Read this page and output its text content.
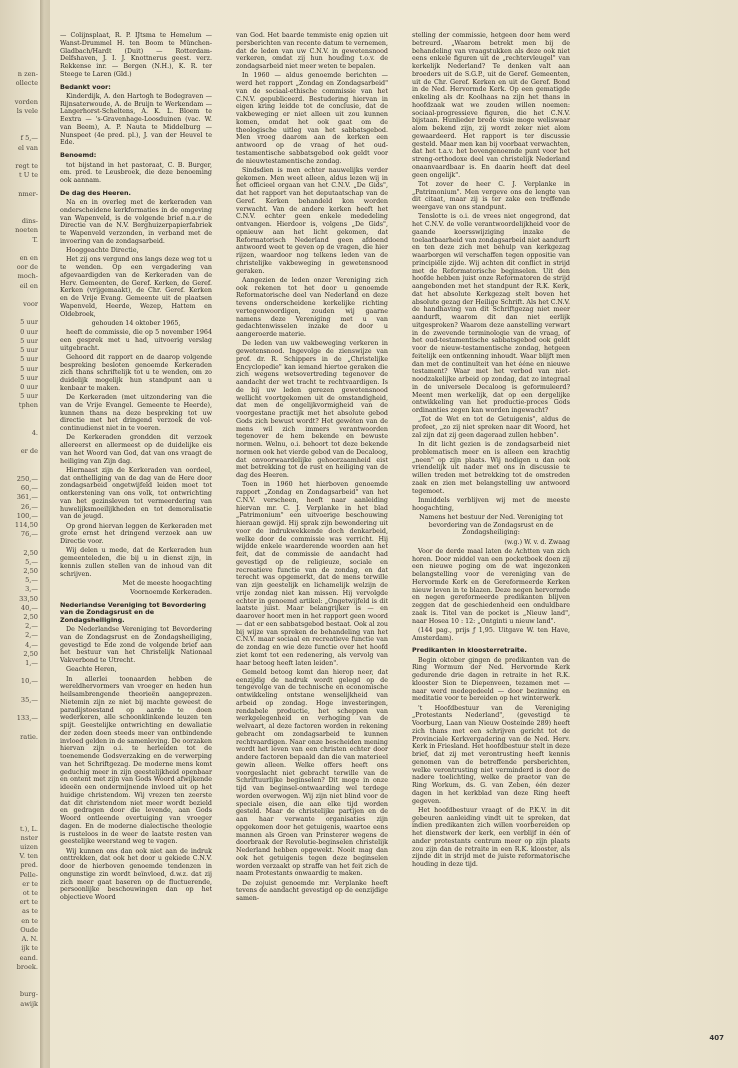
n zen-
ollecte

vorden
ls vele

f 5,—
el van

regt te
t U te

nmer-

dins-
noeten
T.

en en
oor de
moch-
eil en

voor

5 uur
0 uur
5 uur
5 uur
5 uur
5 uur
5 uur
0 uur
5 uur
tphen

4.

er de

250,—
60,—
361,—
26,—
100,—
114,50
76,—

2,50
5,—
2,50
5,—
3,—
33,50
40,—
2,50
2,—
2,—
4,—
2,50
1,—

10,—

35,—

133,—

ratie.

t.), L.
nster
uizen
V. ten
pred.
Pelle-
er te
ot te
ert te
as te
en te
Oude
A. N.
ijk te
eand.
broek.

burg-
awijk

— Colijnsplaat, R. P. IJtsma te Hemelum — Wanst-Drummel H. ten Boom te München-Gladbach/Hardt (Duit) — Rotterdam-Delfshaven, J. I. J. Knottnerus geest. verz. Rekkense inr. — Bergen (N.H.), K. R. ter Steege te Laren (Gld.)

Bedankt voor:

Kinderdijk, A. den Hartogh te Bodegraven — Rijnsaterwoude, A. de Bruijn te Werkendam — Langerhorst-Scheltens, A. K. L. Bloem te Eextra — 's-Gravenhage-Loosduinen (vac. W. van Beem), A. P. Nauta te Middelburg — Nunspeet (4e pred. pl.), J. van der Heuvel te Ede.

Benoemd:

tot bijstand in het pastoraat, C. B. Burger, em. pred. te Leusbroek, die deze benoeming ook aannam.

De dag des Heeren.

Na en in overleg met de kerkeraden van onderscheidene kerkformaties in de omgeving van Wapenveld, is de volgende brief n.a.r de Directie van de N.V. Berghuizerpapierfabriek te Wapenveld verzonden, in verband met de invoering van de zondagsarbeid.

Hooggeachte Directie,

Het zij ons vergund ons langs deze weg tot u te wenden. Op een vergadering van afgevaardigden van de Kerkeraden van de Herv. Gemeenten, de Geref. Kerken, de Geref. Kerken (vrijgemaakt), de Chr. Geref. Kerken en de Vrije Evang. Gemeente uit de plaatsen Wapenveld, Heerde, Wezep, Hattem en Oldebroek,

gehouden 14 oktober 1965,

heeft de commissie, die op 5 november 1964 een gesprek met u had, uitvoerig verslag uitgebracht.

Gehoord dit rapport en de daarop volgende bespreking besloten genoemde Kerkeraden zich thans schriftelijk tot u te wenden, om zo duidelijk mogelijk hun standpunt aan u kenbaar te maken.

De Kerkeraden (met uitzondering van die van de Vrije Evangel. Gemeente te Heerde), kunnen thans na deze bespreking tot uw directie met het dringend verzoek de vol-continudienst niet in te voeren.

De Kerkeraden grondden dit verzoek allereerst en allermeest op de duidelijke eis van het Woord van God, dat van ons vraagt de heiliging van Zijn dag.

Hiernaast zijn de Kerkeraden van oordeel, dat onthelliging van de dag van de Here door zondagsarbeid ongetwijfeld leiden moet tot ontkerstening van ons volk, tot ontwrichting van het gezinsleven tot vermeerdering van huwelijksmoeilijkheden en tot demoralisatie van de jeugd.

Op grond hiervan leggen de Kerkeraden met grote ernst het dringend verzoek aan uw Directie voor.

Wij delen u mede, dat de Kerkeraden hun gemeenteleden, die bij u in dienst zijn, in kennis zullen stellen van de inhoud van dit schrijven.

Met de meeste hoogachting

Voornoemde Kerkeraden.

Nederlandse Vereniging tot Bevordering van de Zondagsrust en de Zondagsheiliging.

De Nederlandse Vereniging tot Bevordering van de Zondagsrust en de Zondagsheiliging, gevestigd te Ede zond de volgende brief aan het bestuur van het Christelijk Nationaal Vakverbond te Utrecht.

Geachte Heren,

In allerlei toonaarden hebben de wereldhervormers van vroeger en heden hun heilsambrengende theorieën aangeprezen. Nietemin zijn ze niet bij machte geweest de paradijstoestand op aarde te doen wederkeren, alle schoonklinkende leuzen ten spijt. Geestelijke ontwrichting en dewaliatie der zeden doen steeds meer van ontbindende invloed gelden in de samenleving. De oorzaken hiervan zijn o.i. te herleiden tot de toenemende Godsverzaking en de verwerping van het Schriftgezag. De moderne mens komt geduchig meer in zijn geestelijkheid openbaar en ontent met zijn van Gods Woord afwijkende ideeën een ondermijnende invloed uit op het huidige christendom. Wij vrezen ten zeerste dat dit christendom niet meer wordt bezield en gedragen door die levende, aan Gods Woord ontleende overtuiging van vroeger dagen. En de moderne dialectische theologie is rusteloos in de weer de laatste resten van geestelijke weerstand weg te vagen.

Wij kunnen ons dan ook niet aan de indruk onttrekken, dat ook het door u gekiede C.N.V. door de hierboven genoemde tendenzen in ongunstige zin wordt beïnvloed, d.w.z. dat zij zich meer gaat baseren op de fluctuerende, persoonlijke beschouwingen dan op het objectieve Woord

van God. Het baarde temmiste enig opzien uit persberichten van recente datum te vernemen, dat de leden van uw C.N.V. in gewetensnood verkeren, omdat zij hun houding t.o.v. de zondagsarbeid niet meer weten te bepalen.

In 1960 — aldus genoemde berichten — werd het rapport „Zondag en Zondagsarbeid" van de sociaal-ethische commissie van het C.N.V. gepubliceerd. Bestudering hiervan in eigen kring leidde tot de conclusie, dat de vakbeweging er niet alleen uit zou kunnen komen, omdat het ook gaat om de theologische uitleg van het sabbatsgebod. Men vroeg daarom aan de kerken een antwoord op de vraag of het oud-testamentische sabbatsgebod ook geldt voor de nieuwtestamentische zondag.

Sindsdien is men echter nauwelijks verder gekomen. Men weet alleen, aldus lezen wij in het officieel orgaan van het C.N.V. „De Gids", dat het rapport van het deputaatschap van de Geref. Kerken behandeld kon worden verwacht. Van de andere kerken heeft het C.N.V. echter geen enkele mededeling ontvangen. Hierdoor is, volgens „De Gids", opnieuw aan het licht gekomen, dat Reformatorisch Nederland geen afdoend antwoord weet te geven op de vragen, die hier rijzen, waardoor nog telkens leden van de christelijke vakbeweging in gewetensnood geraken.

Aangezien de leden onzer Vereniging zich ook rekenen tot het door u genoemde Reformatorische deel van Nederland en deze tevens onderscheidene kerkelijke richting vertegenwoordigen, zouden wij gaarne namens deze Vereniging met u van gedachtenwisselen inzake de door u aangeroerde materie.

De leden van uw vakbeweging verkeren in gewetensnood. Ingevolge de zienswijze van prof. dr. R. Schippers in de „Christelijke Encyclopedie" kan iemand hiertoe geraken die zich wegens wetsovertreding tegenover de aandacht der wet tracht te rechtvaardigen. Is de bij uw leden gerezen gewetensnood wellicht voortgekomen uit de omstandigheid, dat men de ongelijkvormigheid van de voorgestane practijk met het absolute gebod Gods zich bewust wordt? Het gewéten van de mens wil zich immers verantwoorden tegenover de hem bekende en bewuste normen. Welnu, o.i. behoort tot deze bekende normen ook het vierde gebod van de Decaloog, dat onvoorwaardelijke gehoorzaamheid eist met betrekking tot de rust en heiliging van de dag des Heeren.

Toen in 1960 het hierboven genoemde rapport „Zondag en Zondagsarbeid" van het C.N.V. verscheen, heeft naar aanleiding hiervan mr. C. J. Verplanke in het blad „Patrimonium" een uitvoerige beschouwing hieraan gewijd. Hij sprak zijn bewondering uit voor de indrukwekkende doch denkarbeid, welke door de commissie was verricht. Hij wijdde enkele waarderende woorden aan het feit, dat de commissie de aandacht had gevestigd op de religieuze, sociale en recreatieve functie van de zondag, en dat terecht was opgemerkt, dat de mens terwille van zijn geestelijk en lichamelijk welzijn de vrije zondag niet kan missen. Hij vervolgde echter in genoemd artikel: „Ongetwijfeld is dit laatste juist. Maar belangrijker is — en daarover hoort men in het rapport geen woord — dat er een sabbatsgebod bestaat. Ook al zou bij wijze van spreken de behandeling van het C.N.V. maar sociaal en recreatieve functie van de zondag en wie deze functie over het hoofd ziet komt tot een redenering, als vervolg van haar betoog heeft laten leiden".

Gemeld betoog komt dan hierop neer, dat eenzijdig de nadruk wordt gelegd op de tengevolge van de technische en economische ontwikkeling ontstane wenselijkheid van arbeid op zondag. Hoge investeringen, rendabele productie, het scheppen van werkgelegenheid en verhoging van de welvaart, al deze factoren worden in rekening gebracht om zondagsarbeid te kunnen rechtvaardigen. Naar onze bescheiden mening wordt het leven van een christen echter door andere factoren bepaald dan die van materieel gewin alleen. Welke offers heeft ons voorgeslacht niet gebracht terwille van de Schriftuurlijke beginselen? Dit moge in onze tijd van beginsel-ontwaarding wel terdege worden overwogen. Wij zijn niet blind voor de speciale eisen, die aan elke tijd worden gesteld. Maar de christelijke partijen en de aan haar verwante organisaties zijn opgekomen door het getuigenis, waartoe eens mannen als Groen van Prinsterer wegens de doorbraak der Revolutie-beginselen christelijk Nederland hebben opgewekt. Nooit mag dan ook het getuigenis tegen deze beginselen worden verzaakt op straffe van het feit zich de naam Protestants onwaardig te maken.

De zojuist genoemde mr. Verplanke heeft tevens de aandacht gevestigd op de eenzijdige samen-

stelling der commissie, hetgeen door hem werd betreurd. „Waarom betrekt men bij de behandeling van vraagstukken als deze ook niet eens enkele figuren uit de „rechtervleugel" van kerkelijk Nederland? Te denken valt aan broeders uit de S.G.P., uit de Geref. Gemeenten, uit de Chr. Geref. Kerken en uit de Geref. Bond in de Ned. Hervormde Kerk. Op een gematigde enkeling als dr. Koolhaas na zijn het thans in hoofdzaak wat we zouden willen noemen: sociaal-progressieve figuren, die het C.N.V. bijstaan. Hunlieder brede visie moge weliswaar alom bekend zijn, zij wordt zeker niet alom gewaardeerd. Het rapport is ter discussie gesteld. Maar men kan bij voorbaat verwachten, dat het t.a.v. het bovengenoemde punt voor het streng-orthodoxe deel van christelijk Nederland onaanvaardbaar is. En daarin heeft dat deel geen ongelijk".

Tot zover de heer C. J. Verplanke in „Patrimonium". Men vergeve ons de lengte van dit citaat, maar zij is ter zake een treffende weergave van ons standpunt.

Tenslotte is o.i. de vrees niet ongegrond, dat het C.N.V. de volle verantwoordelijkheid voor de gaande koersswijziging inzake de toelaatbaarheid van zondagsarbeid niet aandurft en ten deze zich met behulp van kerkgezag waarborgen wil verschaffen tegen oppositie van principiële zijde. Wij achten dit conflict in strijd met de Reformatorische beginselen. Uit den hoofde hebben juist onze Reformatoren de strijd aangebonden met het standpunt der R.K. Kerk, dat het absolute Kerkgezag stelt boven het absolute gezag der Heilige Schrift. Als het C.N.V. de handhaving van dit Schriftgezag niet meer aandurft, waarom dit dan niet eerlijk uitgesproken? Waarom deze aanstelling verwart in de zwevende terminologie van de vraag, of het oud-testamentische sabbatsgebod ook geldt voor de nieuw-testamentische zondag, hetgeen feitelijk een ontkenning inhoudt. Waar blijft men dan met de continuïteit van het ééne en nieuwe testament? Waar met het verbod van niet-noodzakelijke arbeid op zondag, dat zo integraal in de universele Decaloog is geformuleerd? Meent men werkelijk, dat op een dergelijke ontwikkeling van het productie-proces Gods ordinanties zegen kan worden ingewacht?

„Tot de Wet en tot de Getuigenis", aldus de profeet, „zo zij niet spreken naar dit Woord, het zal zijn dat zij geen dageraad zullen hebben".

In dit licht gezien is de zondagsarbeid niet problematisch meer en is alleen een krachtig „neen" op zijn plaats. Wij nodigen u dan ook vriendelijk uit nader met ons in discussie te willen treden met betrekking tot de omstreden zaak en zien met belangstelling uw antwoord tegemoet.

Inmiddels verblijven wij met de meeste hoogachting,

Namens het bestuur der Ned. Vereniging tot bevordering van de Zondagsrust en de Zondagsheiliging:

(w.g.) W. v. d. Zwaag

Voor de derde maal laten de Achtten van zich horen. Door middel van een pocketboek doen zij een nieuwe poging om de wat ingezonken belangstelling voor de vereniging van de Hervormde Kerk en de Gereformeerde Kerken nieuw leven in te blazen. Deze negen hervormde en negen gereformeerde predikanten blijven zeggen dat de geschiedenheid een onduldbare zaak is. Titel van de pocket is „Nieuw land", naar Hosea 10 : 12: „Ontginti u nieuw land".

(144 pag., prijs ƒ 1,95. Uitgave W. ten Have, Amsterdam).

Predikanten in kloosterretraite.

Begin oktober gingen de predikanten van de Ring Wormum der Ned. Hervormde Kerk gedurende drie dagen in retraite in het R.K. klooster Sion te Diepenveen, tezamen met — naar werd medegedeeld — door bezinning en meditatie voor te bereiden op het winterwerk.

't Hoofdbestuur van de Vereniging „Protestants Nederland", (gevestigd te Voorburg, Laan van Nieuw Oosteinde 289) heeft zich thans met een schrijven gericht tot de Provinciale Kerkvergadering van de Ned. Herv. Kerk in Friesland. Het hoofdbestuur stelt in deze brief, dat zij met verontrusting heeft kennis genomen van de betreffende persberichten, welke verontrusting niet verminderd is door de nadere toelichting, welke de praetor van de Ring Workum, ds. G. van Zeben, één dezer dagen in het kerkblad van deze Ring heeft gegeven.

Het hoofdbestuur vraagt of de P.K.V. in dit gebeuren aanleiding vindt uit te spreken, dat indien predikanten zich willen voorbereiden op het dienstwerk der kerk, een verblijf in één of ander protestants centrum meer op zijn plaats zou zijn dan de retraite in een R.K. klooster, als zijnde dit in strijd met de juiste reformatorische houding in deze tijd.

407
